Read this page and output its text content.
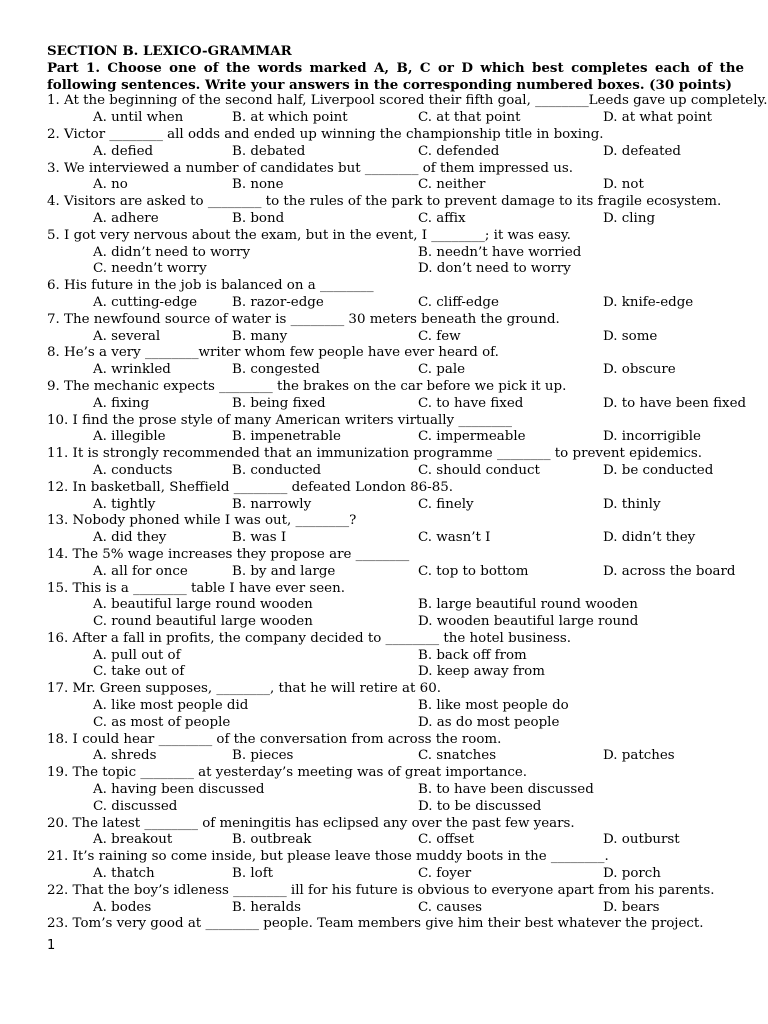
SECTION B. LEXICO-GRAMMAR
Part 1. Choose one of the words marked A, B, C or D which best completes each of the following sentences. Write your answers in the corresponding numbered boxes. (30 points)
1. At the beginning of the second half, Liverpool scored their fifth goal, ________Leeds gave up completely.
A. until when	B. at which point	C. at that point	D. at what point
2. Victor ________ all odds and ended up winning the championship title in boxing.
A. defied	B. debated	C. defended	D. defeated
3. We interviewed a number of candidates but ________ of them impressed us.
A. no	B. none	C. neither	D. not
4. Visitors are asked to ________ to the rules of the park to prevent damage to its fragile ecosystem.
A. adhere	B. bond	C. affix	D. cling
5. I got very nervous about the exam, but in the event, I ________; it was easy.
A. didn’t need to worry	B. needn’t have worried
C. needn’t worry	D. don’t need to worry
6. His future in the job is balanced on a ________
A. cutting-edge	B. razor-edge	C. cliff-edge	D. knife-edge
7. The newfound source of water is ________ 30 meters beneath the ground.
A. several	B. many	C. few	D. some
8. He’s a very ________writer whom few people have ever heard of.
A. wrinkled	B. congested	C. pale	D. obscure
9. The mechanic expects ________ the brakes on the car before we pick it up.
A. fixing	B. being fixed	C. to have fixed	D. to have been fixed
10. I find the prose style of many American writers virtually ________
A. illegible	B. impenetrable	C. impermeable	D. incorrigible
11. It is strongly recommended that an immunization programme ________ to prevent epidemics.
A. conducts	B. conducted	C. should conduct	D. be conducted
12. In basketball, Sheffield ________ defeated London 86-85.
A. tightly	B. narrowly	C. finely	D. thinly
13. Nobody phoned while I was out, ________?
A. did they	B. was I	C. wasn’t I	D. didn’t they
14. The 5% wage increases they propose are ________
A. all for once	B. by and large	C. top to bottom	D. across the board
15. This is a ________ table I have ever seen.
A. beautiful large round wooden	B. large beautiful round wooden
C. round beautiful large wooden	D. wooden beautiful large round
16. After a fall in profits, the company decided to ________ the hotel business.
A. pull out of	B. back off from
C. take out of	D. keep away from
17. Mr. Green supposes, ________, that he will retire at 60.
A. like most people did	B. like most people do
C. as most of people	D. as do most people
18. I could hear ________ of the conversation from across the room.
A. shreds	B. pieces	C. snatches	D. patches
19. The topic ________ at yesterday’s meeting was of great importance.
A. having been discussed	B. to have been discussed
C. discussed	D. to be discussed
20. The latest ________ of meningitis has eclipsed any over the past few years.
A. breakout	B. outbreak	C. offset	D. outburst
21. It’s raining so come inside, but please leave those muddy boots in the ________.
A. thatch	B. loft	C. foyer	D. porch
22. That the boy’s idleness ________ ill for his future is obvious to everyone apart from his parents.
A. bodes	B. heralds	C. causes	D. bears
23. Tom’s very good at ________ people. Team members give him their best whatever the project.
1
